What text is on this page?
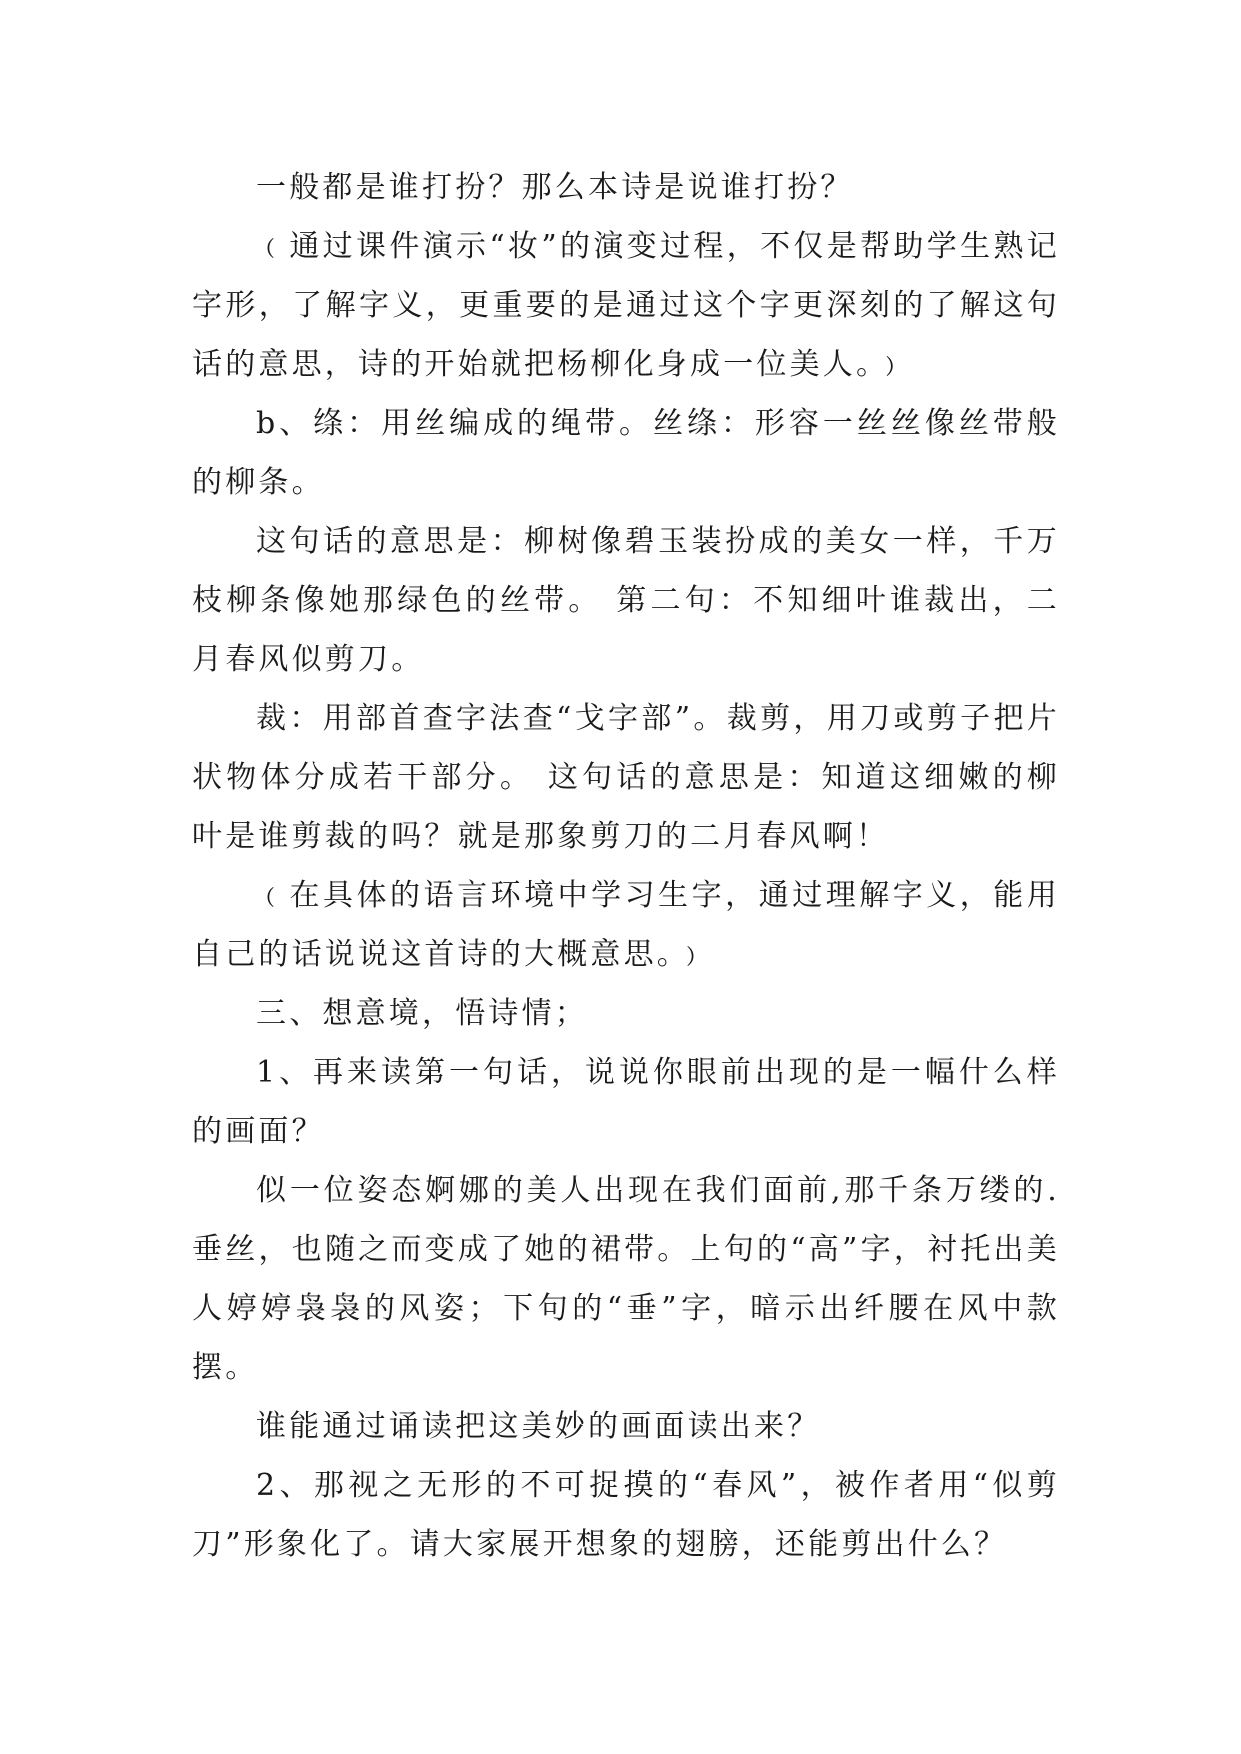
一般都是谁打扮？那么本诗是说谁打扮？

﹙通过课件演示“妆”的演变过程，不仅是帮助学生熟记字形，了解字义，更重要的是通过这个字更深刻的了解这句话的意思，诗的开始就把杨柳化身成一位美人。﹚

b、绦：用丝编成的绳带。丝绦：形容一丝丝像丝带般的柳条。

这句话的意思是：柳树像碧玉装扮成的美女一样，千万枝柳条像她那绿色的丝带。 第二句：不知细叶谁裁出，二月春风似剪刀。

裁：用部首查字法查“戈字部”。裁剪，用刀或剪子把片状物体分成若干部分。 这句话的意思是：知道这细嫩的柳叶是谁剪裁的吗？就是那象剪刀的二月春风啊！

﹙在具体的语言环境中学习生字，通过理解字义，能用自己的话说说这首诗的大概意思。﹚

三、想意境，悟诗情；

1、再来读第一句话，说说你眼前出现的是一幅什么样的画面？

似一位姿态婀娜的美人出现在我们面前,那千条万缕的.垂丝，也随之而变成了她的裙带。上句的“高”字，衬托出美人婷婷袅袅的风姿；下句的“垂”字，暗示出纤腰在风中款摆。

谁能通过诵读把这美妙的画面读出来？

2、那视之无形的不可捉摸的“春风”，被作者用“似剪刀”形象化了。请大家展开想象的翅膀，还能剪出什么？
